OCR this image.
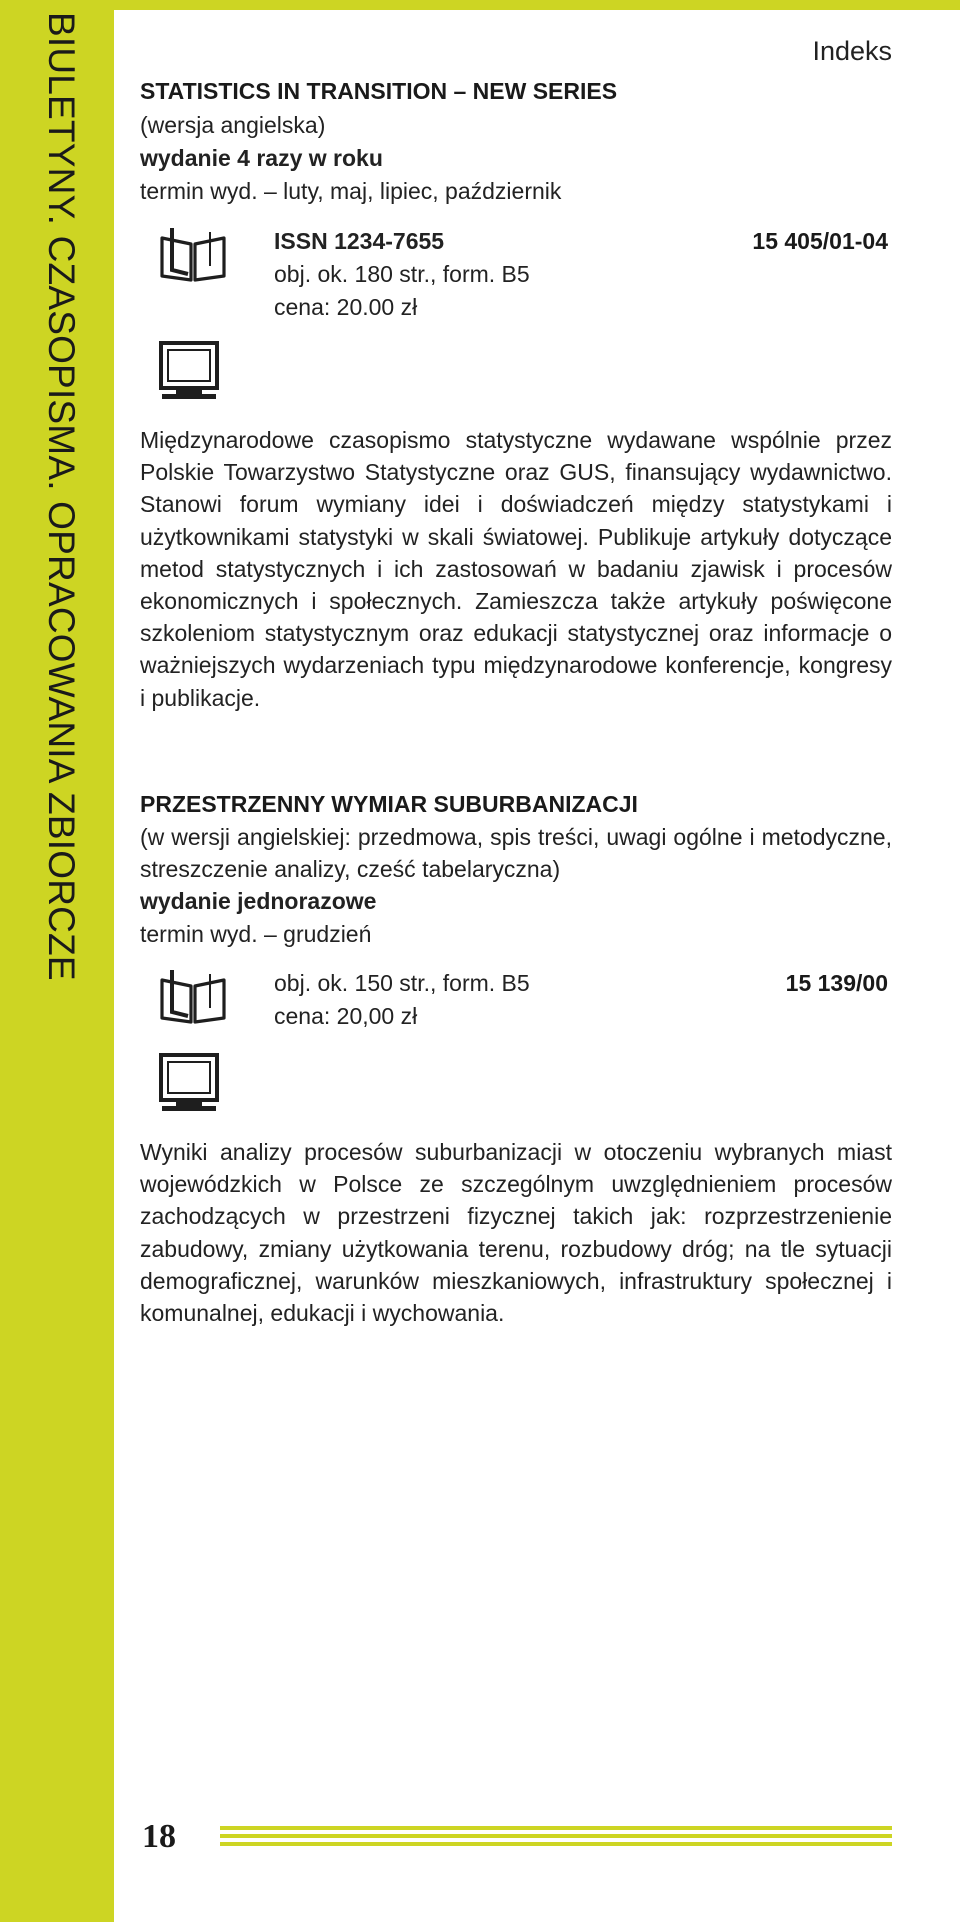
BIULETYNY. CZASOPISMA. OPRACOWANIA ZBIORCZE	Indeks
STATISTICS IN TRANSITION – NEW SERIES
(wersja angielska)
wydanie 4 razy w roku
termin wyd. – luty, maj, lipiec, październik
ISSN 1234-7655	15 405/01-04
obj. ok. 180 str., form. B5
cena: 20.00 zł
Międzynarodowe czasopismo statystyczne wydawane wspólnie przez Polskie Towarzystwo Statystyczne oraz GUS, finansujący wydawnictwo. Stanowi forum wymiany idei i doświadczeń między statystykami i użytkownikami statystyki w skali światowej. Publikuje artykuły dotyczące metod statystycznych i ich zastosowań w badaniu zjawisk i procesów ekonomicznych i społecznych. Zamieszcza także artykuły poświęcone szkoleniom statystycznym oraz edukacji statystycznej oraz informacje o ważniejszych wydarzeniach typu międzynarodowe konferencje, kongresy i publikacje.
PRZESTRZENNY WYMIAR SUBURBANIZACJI
(w wersji angielskiej: przedmowa, spis treści, uwagi ogólne i metodyczne, streszczenie analizy, cześć tabelaryczna)
wydanie jednorazowe
termin wyd. – grudzień
obj. ok. 150 str., form. B5	15 139/00
cena: 20,00 zł
Wyniki analizy procesów suburbanizacji w otoczeniu wybranych miast wojewódzkich w Polsce ze szczególnym uwzględnieniem procesów zachodzących w przestrzeni fizycznej takich jak: rozprzestrzenienie zabudowy, zmiany użytkowania terenu, rozbudowy dróg; na tle sytuacji demograficznej, warunków mieszkaniowych, infrastruktury społecznej i komunalnej, edukacji i wychowania.
18
